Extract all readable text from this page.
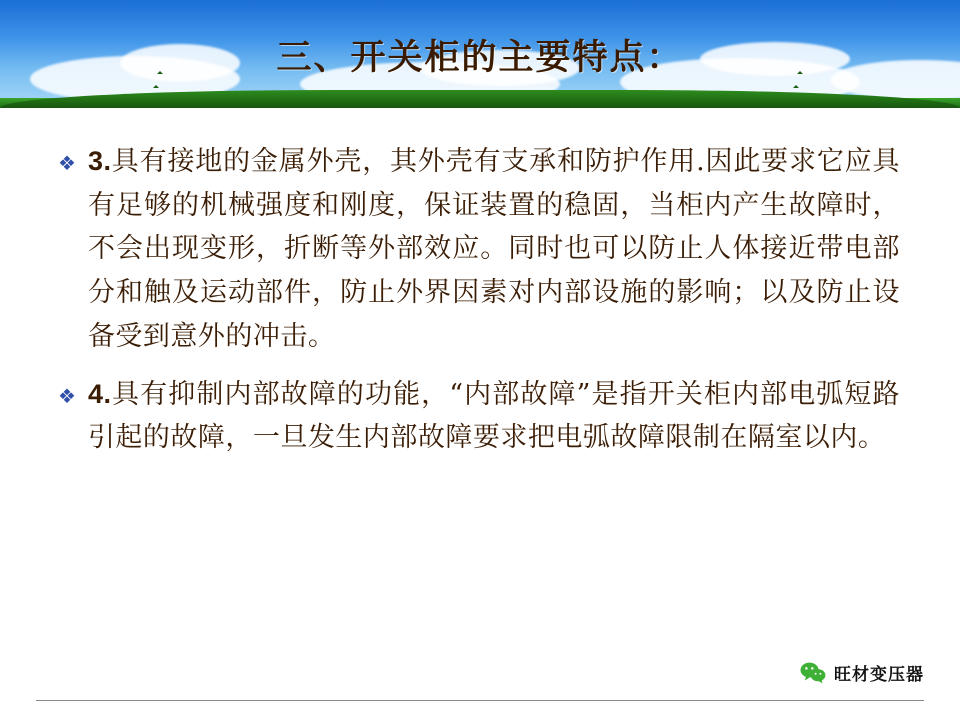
三、开关柜的主要特点：
❖ 3.具有接地的金属外壳，其外壳有支承和防护作用.因此要求它应具有足够的机械强度和刚度，保证装置的稳固，当柜内产生故障时，不会出现变形，折断等外部效应。同时也可以防止人体接近带电部分和触及运动部件，防止外界因素对内部设施的影响；以及防止设备受到意外的冲击。
❖ 4.具有抑制内部故障的功能，“内部故障”是指开关柜内部电弧短路引起的故障，一旦发生内部故障要求把电弧故障限制在隔室以内。
旺材变压器
